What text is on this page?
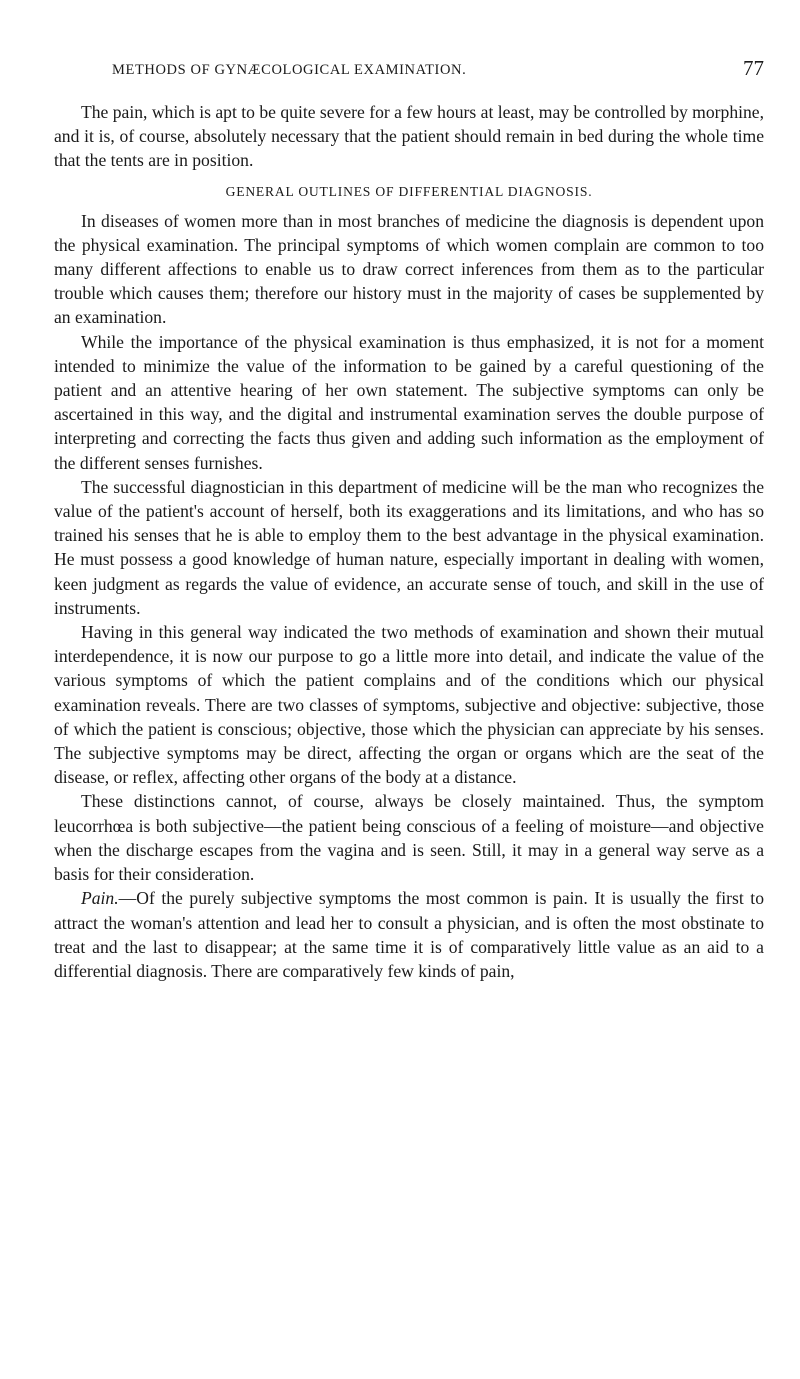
METHODS OF GYNÆCOLOGICAL EXAMINATION.	77

The pain, which is apt to be quite severe for a few hours at least, may be controlled by morphine, and it is, of course, absolutely necessary that the patient should remain in bed during the whole time that the tents are in position.

GENERAL OUTLINES OF DIFFERENTIAL DIAGNOSIS.

In diseases of women more than in most branches of medicine the diagnosis is dependent upon the physical examination. The principal symptoms of which women complain are common to too many different affections to enable us to draw correct inferences from them as to the particular trouble which causes them; therefore our history must in the majority of cases be supplemented by an examination.

While the importance of the physical examination is thus emphasized, it is not for a moment intended to minimize the value of the information to be gained by a careful questioning of the patient and an attentive hearing of her own statement. The subjective symptoms can only be ascertained in this way, and the digital and instrumental examination serves the double purpose of interpreting and correcting the facts thus given and adding such information as the employment of the different senses furnishes.

The successful diagnostician in this department of medicine will be the man who recognizes the value of the patient's account of herself, both its exaggerations and its limitations, and who has so trained his senses that he is able to employ them to the best advantage in the physical examination. He must possess a good knowledge of human nature, especially important in dealing with women, keen judgment as regards the value of evidence, an accurate sense of touch, and skill in the use of instruments.

Having in this general way indicated the two methods of examination and shown their mutual interdependence, it is now our purpose to go a little more into detail, and indicate the value of the various symptoms of which the patient complains and of the conditions which our physical examination reveals. There are two classes of symptoms, subjective and objective: subjective, those of which the patient is conscious; objective, those which the physician can appreciate by his senses. The subjective symptoms may be direct, affecting the organ or organs which are the seat of the disease, or reflex, affecting other organs of the body at a distance.

These distinctions cannot, of course, always be closely maintained. Thus, the symptom leucorrhœa is both subjective—the patient being conscious of a feeling of moisture—and objective when the discharge escapes from the vagina and is seen. Still, it may in a general way serve as a basis for their consideration.

Pain.—Of the purely subjective symptoms the most common is pain. It is usually the first to attract the woman's attention and lead her to consult a physician, and is often the most obstinate to treat and the last to disappear; at the same time it is of comparatively little value as an aid to a differential diagnosis. There are comparatively few kinds of pain,
